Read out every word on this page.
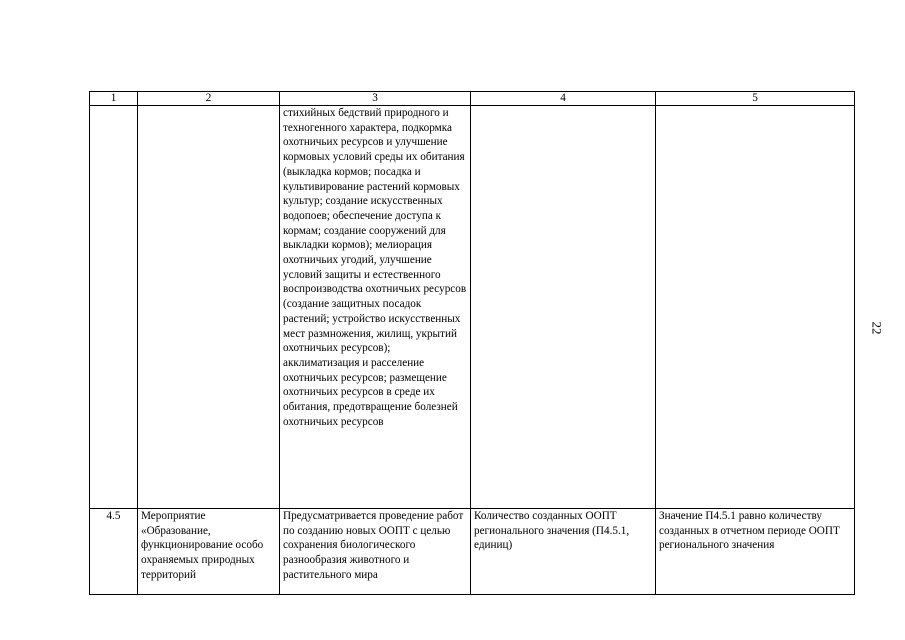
1	2	3	4	5
		стихийных бедствий природного и техногенного характера, подкормка охотничьих ресурсов и улучшение кормовых условий среды их обитания (выкладка кормов; посадка и культивирование растений кормовых культур; создание искусственных водопоев; обеспечение доступа к кормам; создание сооружений для выкладки кормов); мелиорация охотничьих угодий, улучшение условий защиты и естественного воспроизводства охотничьих ресурсов (создание защитных посадок растений; устройство искусственных мест размножения, жилищ, укрытий охотничьих ресурсов); акклиматизация и расселение охотничьих ресурсов; размещение охотничьих ресурсов в среде их обитания, предотвращение болезней охотничьих ресурсов		
4.5	Мероприятие «Образование, функционирование особо охраняемых природных территорий	Предусматривается проведение работ по созданию новых ООПТ с целью сохранения биологического разнообразия животного и растительного мира	Количество созданных ООПТ регионального значения (П4.5.1, единиц)	Значение П4.5.1 равно количеству созданных в отчетном периоде ООПТ регионального значения
22
